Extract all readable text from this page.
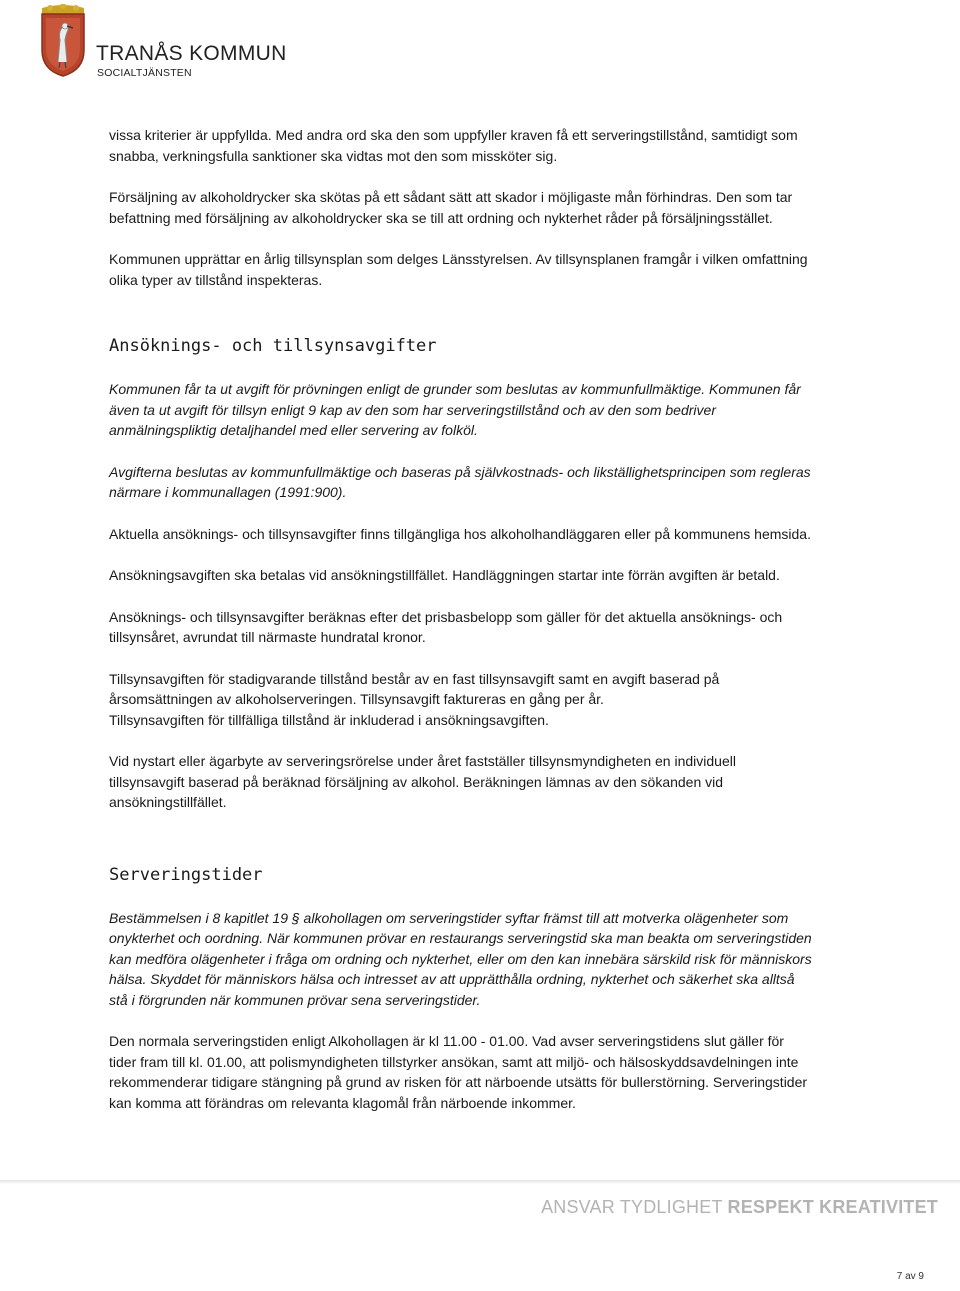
TRANÅS KOMMUN
SOCIALTJÄNSTEN

vissa kriterier är uppfyllda. Med andra ord ska den som uppfyller kraven få ett serveringstillstånd, samtidigt som
snabba, verkningsfulla sanktioner ska vidtas mot den som missköter sig.

Försäljning av alkoholdrycker ska skötas på ett sådant sätt att skador i möjligaste mån förhindras. Den som tar
befattning med försäljning av alkoholdrycker ska se till att ordning och nykterhet råder på försäljningsstället.

Kommunen upprättar en årlig tillsynsplan som delges Länsstyrelsen. Av tillsynsplanen framgår i vilken omfattning
olika typer av tillstånd inspekteras.

Ansöknings- och tillsynsavgifter

Kommunen får ta ut avgift för prövningen enligt de grunder som beslutas av kommunfullmäktige. Kommunen får
även ta ut avgift för tillsyn enligt 9 kap av den som har serveringstillstånd och av den som bedriver
anmälningspliktig detaljhandel med eller servering av folköl.

Avgifterna beslutas av kommunfullmäktige och baseras på självkostnads- och likställighetsprincipen som regleras
närmare i kommunallagen (1991:900).

Aktuella ansöknings- och tillsynsavgifter finns tillgängliga hos alkoholhandläggaren eller på kommunens hemsida.

Ansökningsavgiften ska betalas vid ansökningstillfället. Handläggningen startar inte förrän avgiften är betald.

Ansöknings- och tillsynsavgifter beräknas efter det prisbasbelopp som gäller för det aktuella ansöknings- och
tillsynsåret, avrundat till närmaste hundratal kronor.

Tillsynsavgiften för stadigvarande tillstånd består av en fast tillsynsavgift samt en avgift baserad på
årsomsättningen av alkoholserveringen. Tillsynsavgift faktureras en gång per år.
Tillsynsavgiften för tillfälliga tillstånd är inkluderad i ansökningsavgiften.

Vid nystart eller ägarbyte av serveringsrörelse under året fastställer tillsynsmyndigheten en individuell
tillsynsavgift baserad på beräknad försäljning av alkohol. Beräkningen lämnas av den sökanden vid
ansökningstillfället.

Serveringstider

Bestämmelsen i 8 kapitlet 19 § alkohollagen om serveringstider syftar främst till att motverka olägenheter som
onykterhet och oordning. När kommunen prövar en restaurangs serveringstid ska man beakta om serveringstiden
kan medföra olägenheter i fråga om ordning och nykterhet, eller om den kan innebära särskild risk för människors
hälsa. Skyddet för människors hälsa och intresset av att upprätthålla ordning, nykterhet och säkerhet ska alltså
stå i förgrunden när kommunen prövar sena serveringstider.

Den normala serveringstiden enligt Alkohollagen är kl 11.00 - 01.00. Vad avser serveringstidens slut gäller för
tider fram till kl. 01.00, att polismyndigheten tillstyrker ansökan, samt att miljö- och hälsoskyddsavdelningen inte
rekommenderar tidigare stängning på grund av risken för att närboende utsätts för bullerstörning. Serveringstider
kan komma att förändras om relevanta klagomål från närboende inkommer.

ANSVAR TYDLIGHET RESPEKT KREATIVITET
7 av 9
